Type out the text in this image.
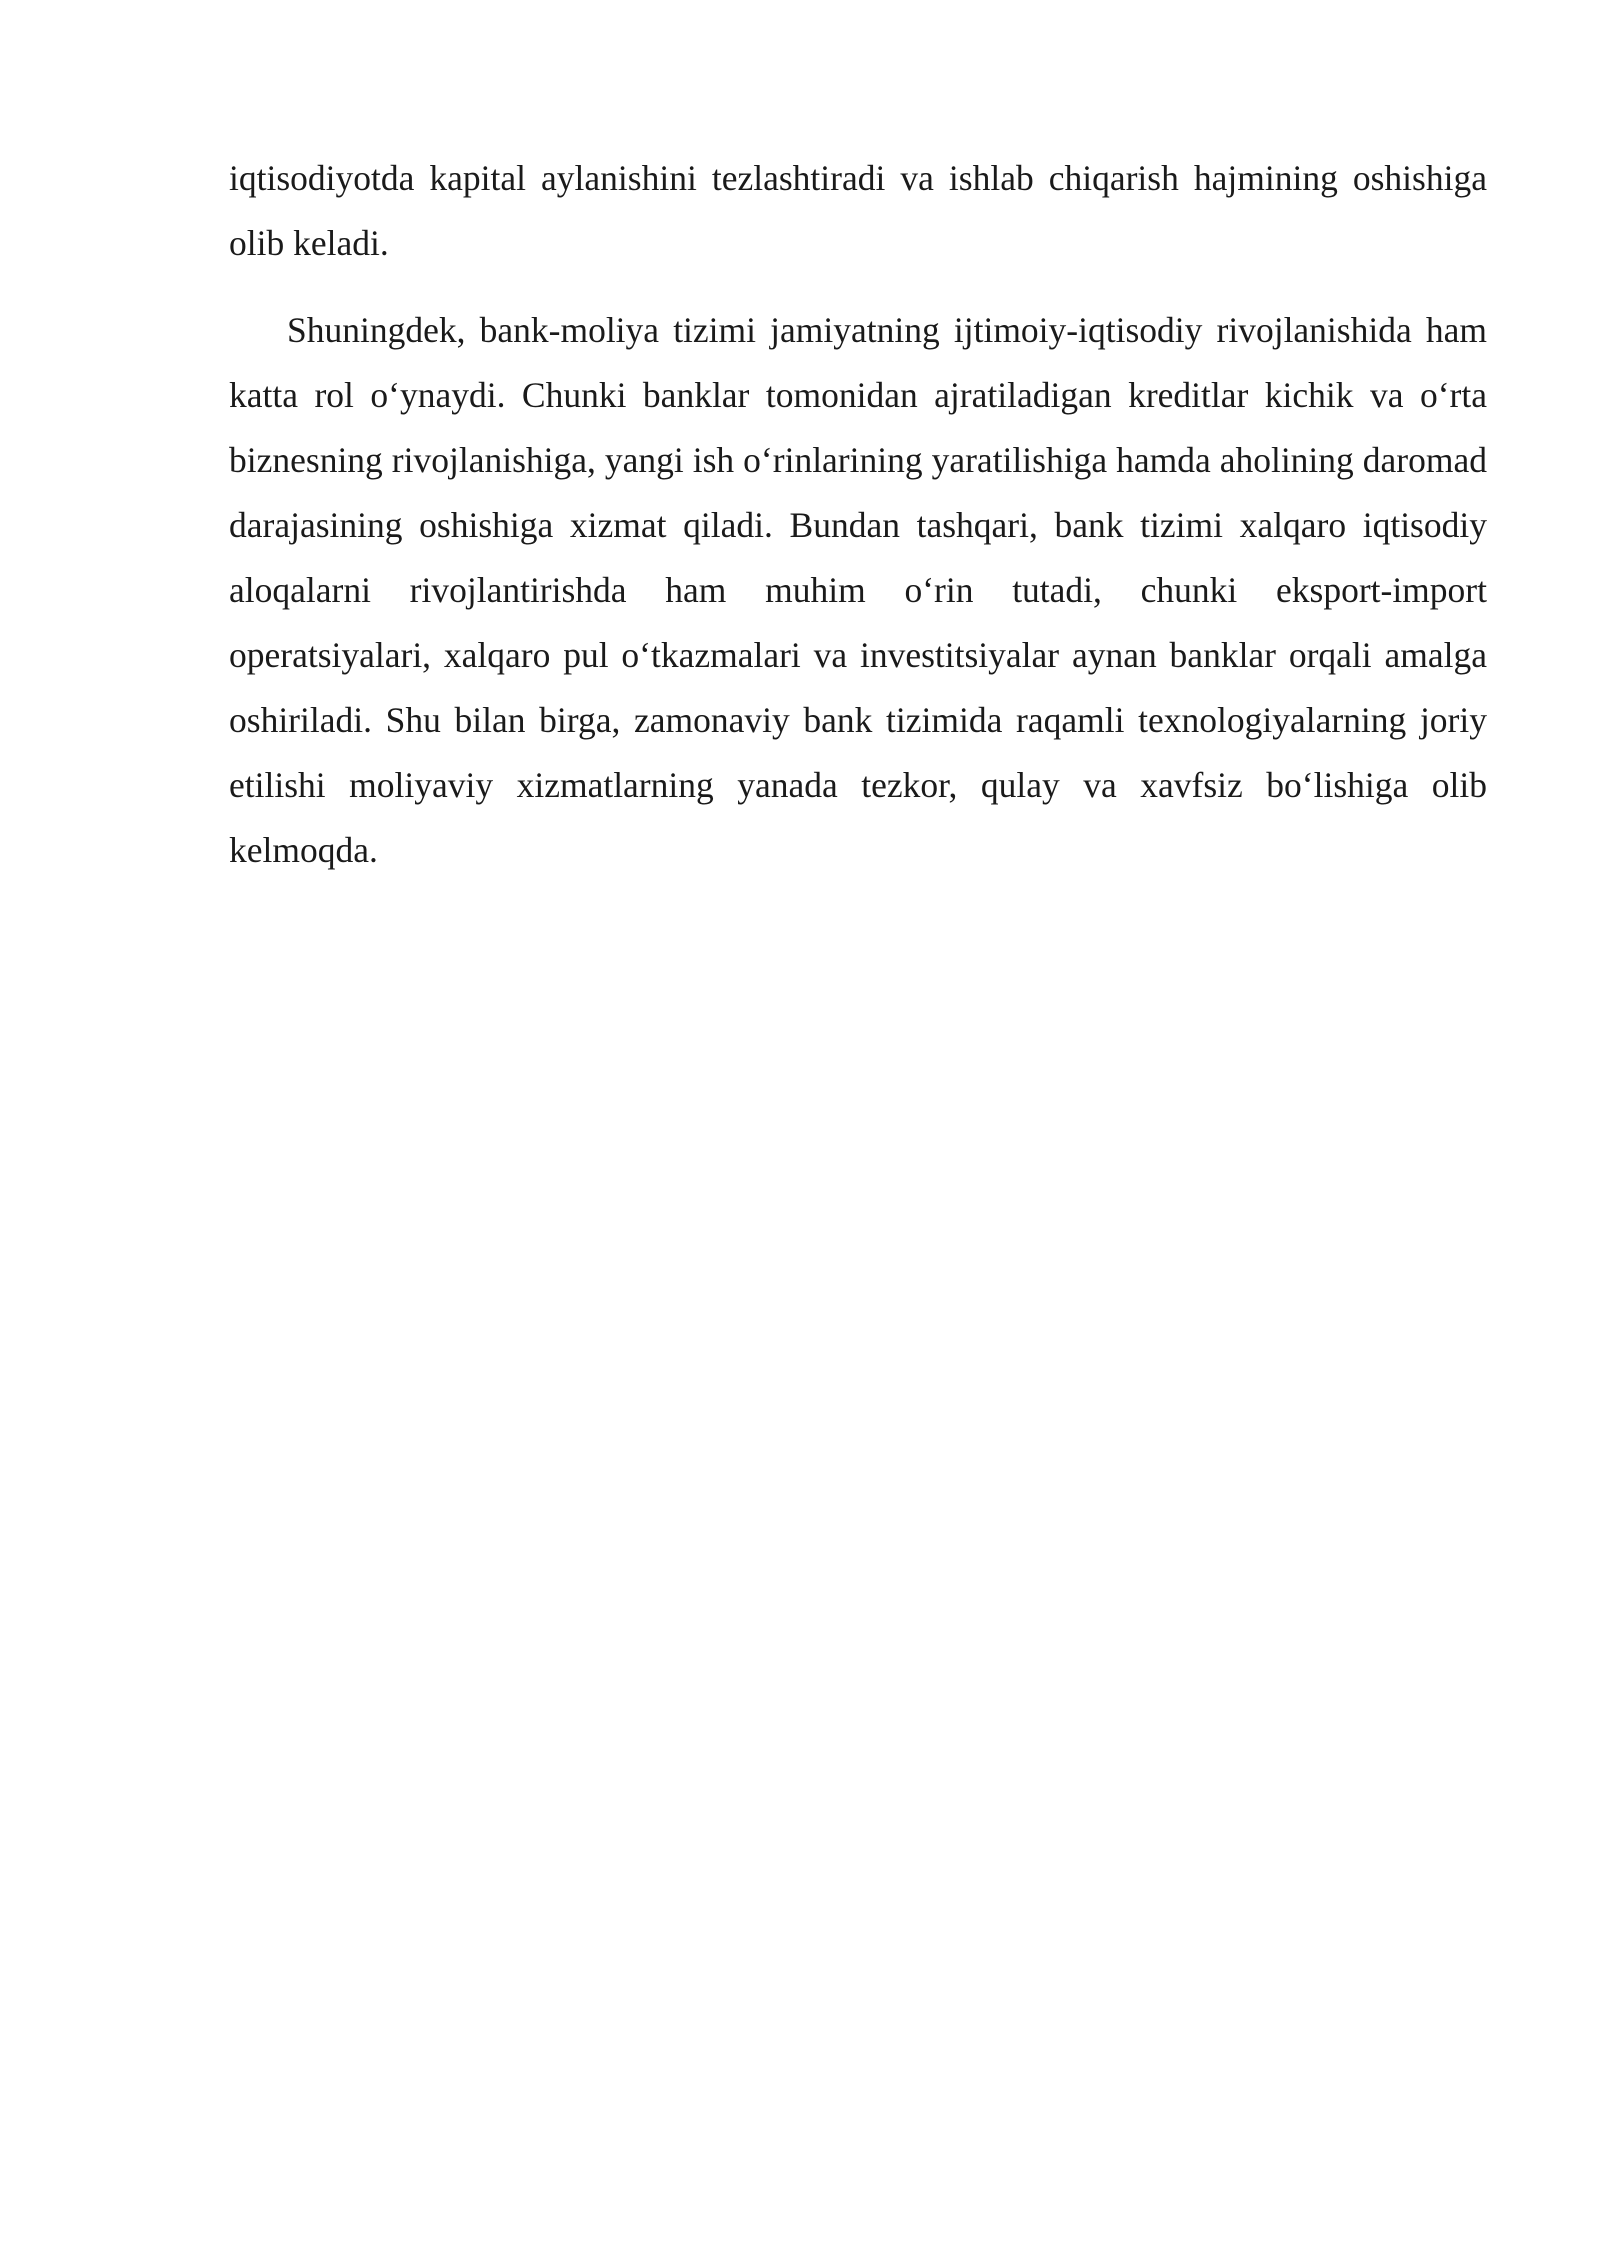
iqtisodiyotda kapital aylanishini tezlashtiradi va ishlab chiqarish hajmining oshishiga olib keladi.

Shuningdek, bank-moliya tizimi jamiyatning ijtimoiy-iqtisodiy rivojlanishida ham katta rol o‘ynaydi. Chunki banklar tomonidan ajratiladigan kreditlar kichik va o‘rta biznesning rivojlanishiga, yangi ish o‘rinlarining yaratilishiga hamda aholining daromad darajasining oshishiga xizmat qiladi. Bundan tashqari, bank tizimi xalqaro iqtisodiy aloqalarni rivojlantirishda ham muhim o‘rin tutadi, chunki eksport-import operatsiyalari, xalqaro pul o‘tkazmalari va investitsiyalar aynan banklar orqali amalga oshiriladi. Shu bilan birga, zamonaviy bank tizimida raqamli texnologiyalarning joriy etilishi moliyaviy xizmatlarning yanada tezkor, qulay va xavfsiz bo‘lishiga olib kelmoqda.
